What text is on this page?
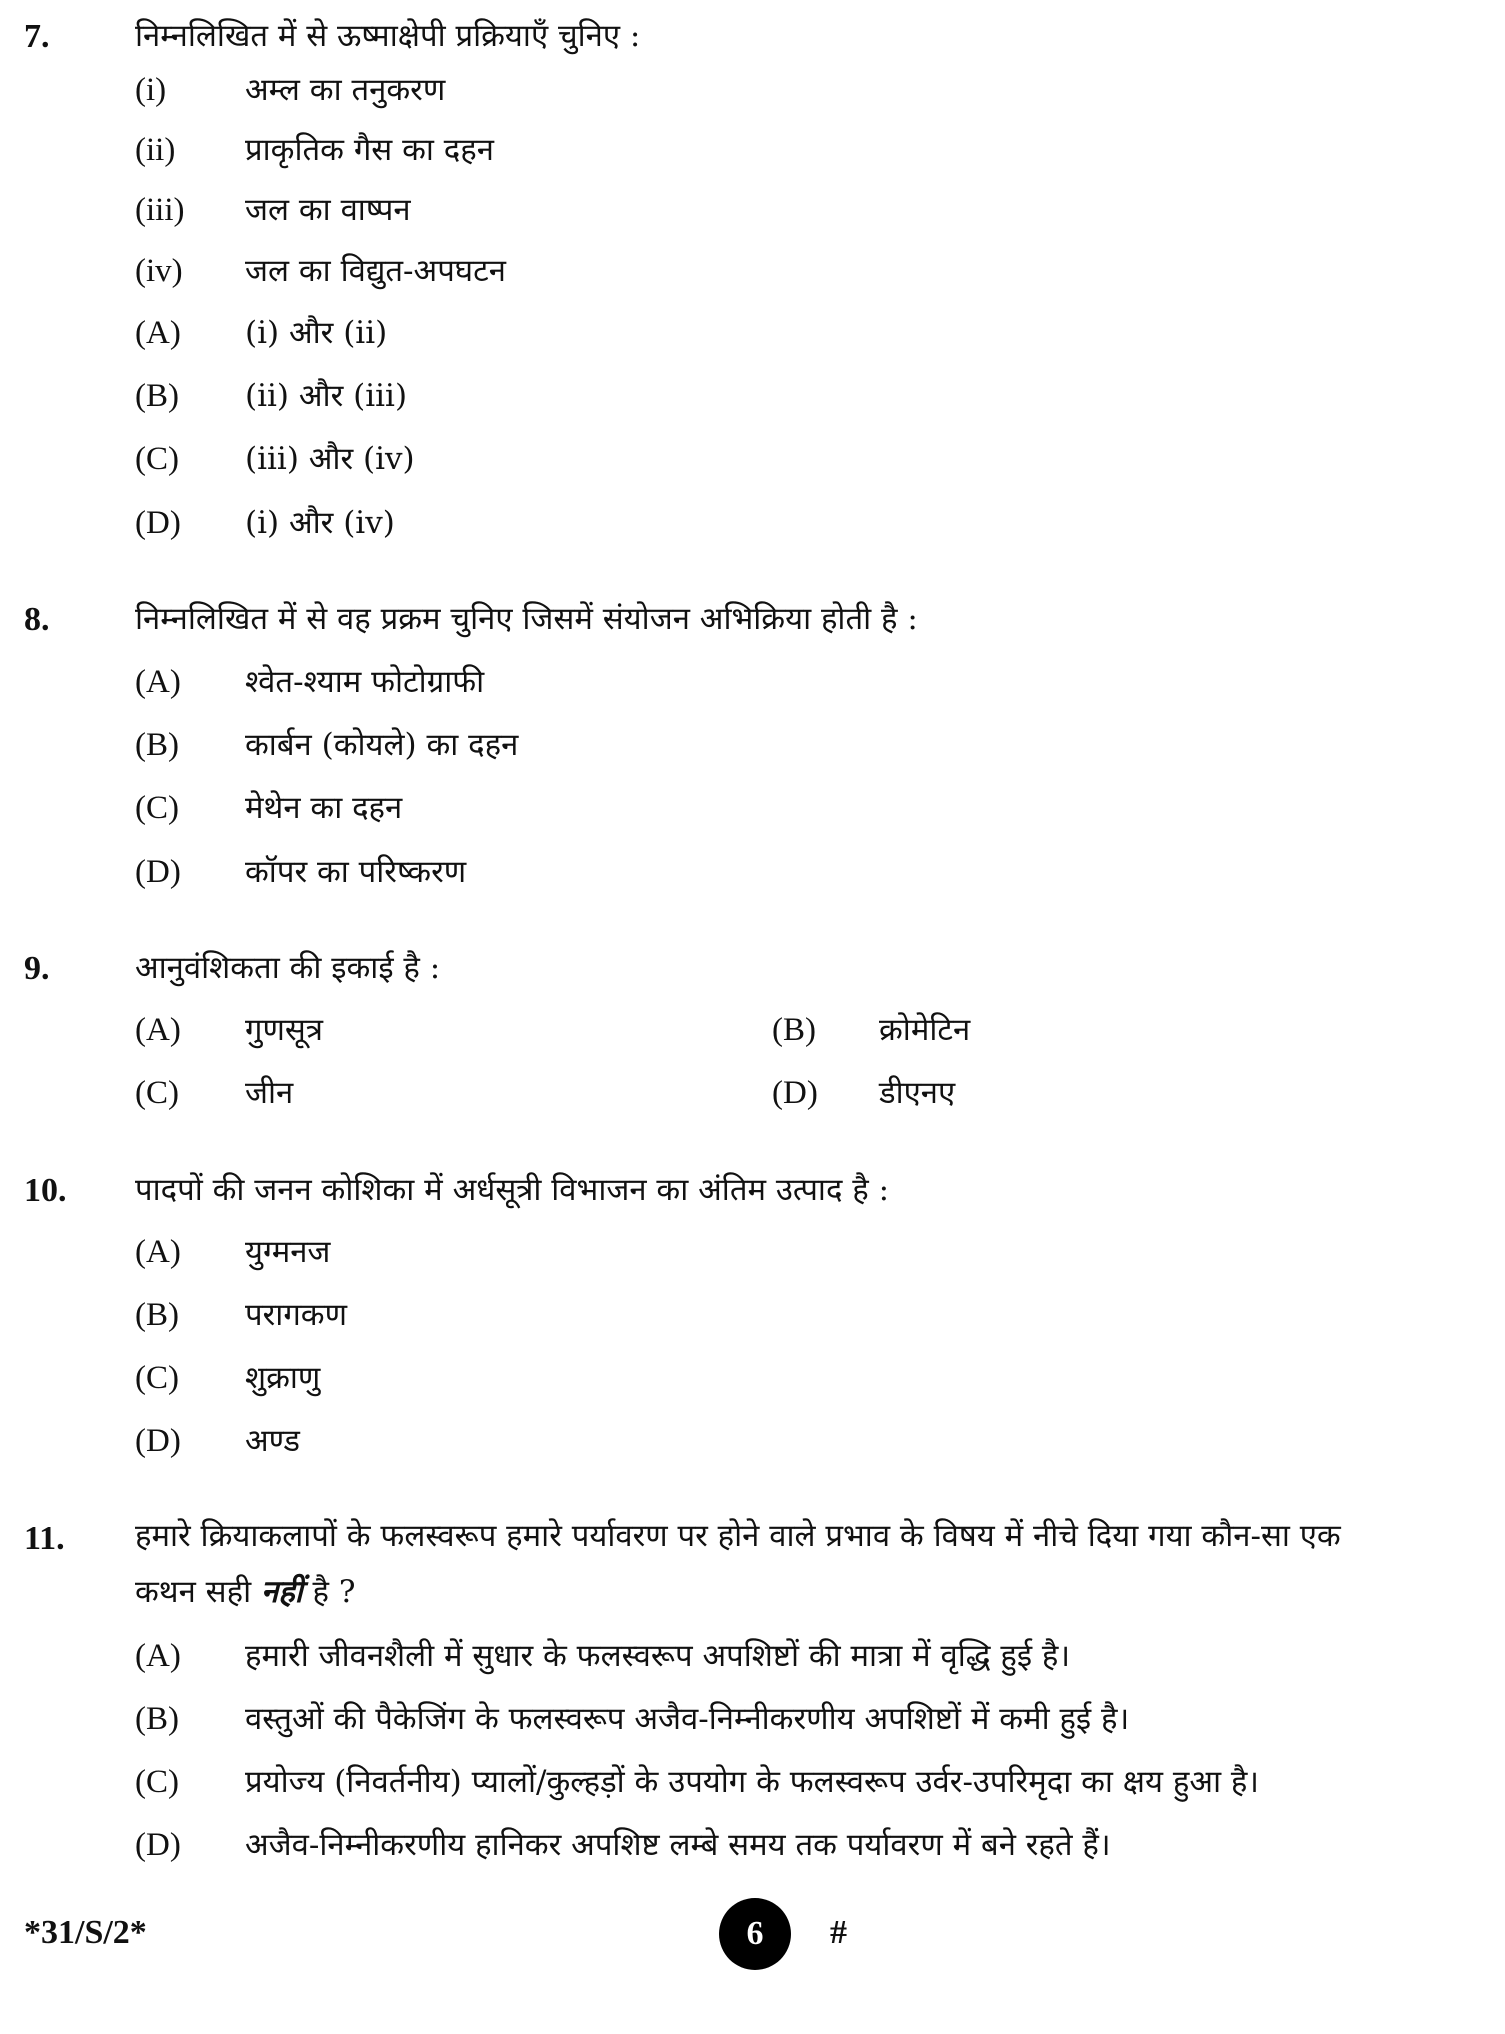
7.	निम्नलिखित में से ऊष्माक्षेपी प्रक्रियाएँ चुनिए :
(i)	अम्ल का तनुकरण
(ii) प्राकृतिक गैस का दहन
(iii) जल का वाष्पन
(iv) जल का विद्युत-अपघटन
(A) (i) और (ii)
(B) (ii) और (iii)
(C) (iii) और (iv)
(D) (i) और (iv)
8.	निम्नलिखित में से वह प्रक्रम चुनिए जिसमें संयोजन अभिक्रिया होती है :
(A) श्वेत-श्याम फोटोग्राफी
(B) कार्बन (कोयले) का दहन
(C) मेथेन का दहन
(D) कॉपर का परिष्करण
9.	आनुवंशिकता की इकाई है :
(A) गुणसूत्र	(B) क्रोमेटिन
(C) जीन	(D) डीएनए
10. पादपों की जनन कोशिका में अर्धसूत्री विभाजन का अंतिम उत्पाद है :
(A) युग्मनज
(B) परागकण
(C) शुक्राणु
(D) अण्ड
11. हमारे क्रियाकलापों के फलस्वरूप हमारे पर्यावरण पर होने वाले प्रभाव के विषय में नीचे दिया गया कौन-सा एक कथन सही नहीं है ?
(A) हमारी जीवनशैली में सुधार के फलस्वरूप अपशिष्टों की मात्रा में वृद्धि हुई है।
(B) वस्तुओं की पैकेजिंग के फलस्वरूप अजैव-निम्नीकरणीय अपशिष्टों में कमी हुई है।
(C) प्रयोज्य (निवर्तनीय) प्यालों/कुल्हड़ों के उपयोग के फलस्वरूप उर्वर-उपरिमृदा का क्षय हुआ है।
(D) अजैव-निम्नीकरणीय हानिकर अपशिष्ट लम्बे समय तक पर्यावरण में बने रहते हैं।
*31/S/2*	6 #
